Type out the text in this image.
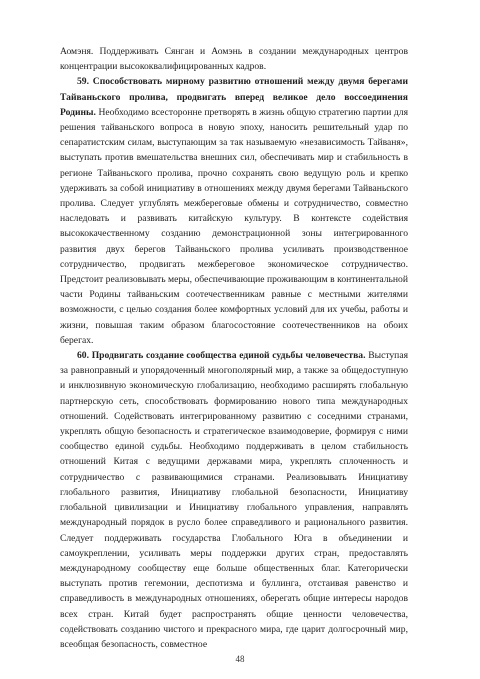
Аомэня. Поддерживать Сянган и Аомэнь в создании международных центров концентрации высококвалифицированных кадров.

59. Способствовать мирному развитию отношений между двумя берегами Тайваньского пролива, продвигать вперед великое дело воссоединения Родины. Необходимо всесторонне претворять в жизнь общую стратегию партии для решения тайваньского вопроса в новую эпоху, наносить решительный удар по сепаратистским силам, выступающим за так называемую «независимость Тайваня», выступать против вмешательства внешних сил, обеспечивать мир и стабильность в регионе Тайваньского пролива, прочно сохранять свою ведущую роль и крепко удерживать за собой инициативу в отношениях между двумя берегами Тайваньского пролива. Следует углублять межбереговые обмены и сотрудничество, совместно наследовать и развивать китайскую культуру. В контексте содействия высококачественному созданию демонстрационной зоны интегрированного развития двух берегов Тайваньского пролива усиливать производственное сотрудничество, продвигать межбереговое экономическое сотрудничество. Предстоит реализовывать меры, обеспечивающие проживающим в континентальной части Родины тайваньским соотечественникам равные с местными жителями возможности, с целью создания более комфортных условий для их учебы, работы и жизни, повышая таким образом благосостояние соотечественников на обоих берегах.

60. Продвигать создание сообщества единой судьбы человечества. Выступая за равноправный и упорядоченный многополярный мир, а также за общедоступную и инклюзивную экономическую глобализацию, необходимо расширять глобальную партнерскую сеть, способствовать формированию нового типа международных отношений. Содействовать интегрированному развитию с соседними странами, укреплять общую безопасность и стратегическое взаимодоверие, формируя с ними сообщество единой судьбы. Необходимо поддерживать в целом стабильность отношений Китая с ведущими державами мира, укреплять сплоченность и сотрудничество с развивающимися странами. Реализовывать Инициативу глобального развития, Инициативу глобальной безопасности, Инициативу глобальной цивилизации и Инициативу глобального управления, направлять международный порядок в русло более справедливого и рационального развития. Следует поддерживать государства Глобального Юга в объединении и самоукреплении, усиливать меры поддержки других стран, предоставлять международному сообществу еще больше общественных благ. Категорически выступать против гегемонии, деспотизма и буллинга, отстаивая равенство и справедливость в международных отношениях, оберегать общие интересы народов всех стран. Китай будет распространять общие ценности человечества, содействовать созданию чистого и прекрасного мира, где царит долгосрочный мир, всеобщая безопасность, совместное

48
